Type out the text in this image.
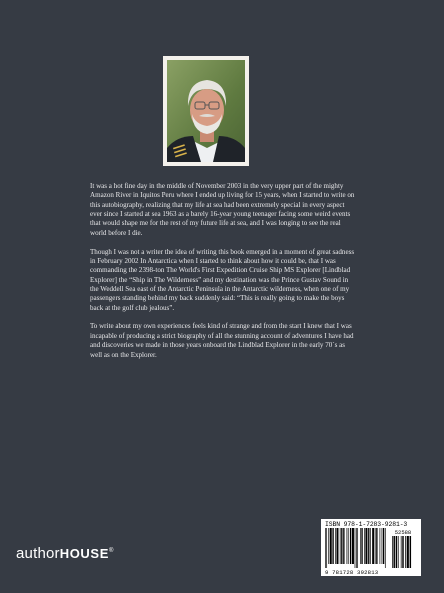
It was a hot fine day in the middle of November 2003 in the very upper part of the mighty Amazon River in Iquitos Peru where I ended up living for 15 years, when I started to write on this autobiography, realizing that my life at sea had been extremely special in every aspect ever since I started at sea 1963 as a barely 16-year young teenager facing some weird events that would shape me for the rest of my future life at sea, and I was longing to see the real world before I die.

Though I was not a writer the idea of writing this book emerged in a moment of great sadness in February 2002 In Antarctica when I started to think about how it could be, that I was commanding the 2398-ton The World's First Expedition Cruise Ship MS Explorer [Lindblad Explorer] the “Ship in The Wilderness” and my destination was the Prince Gustav Sound in the Weddell Sea east of the Antarctic Peninsula in the Antarctic wilderness, when one of my passengers standing behind my back suddenly said: “This is really going to make the boys back at the golf club jealous”.

To write about my own experiences feels kind of strange and from the start I knew that I was incapable of producing a strict biography of all the stunning account of adventures I have had and discoveries we made in those years onboard the Lindblad Explorer in the early 70´s as well as on the Explorer.

authorHOUSE®
ISBN 978-1-7283-9281-3
52588
9 781728 392813
